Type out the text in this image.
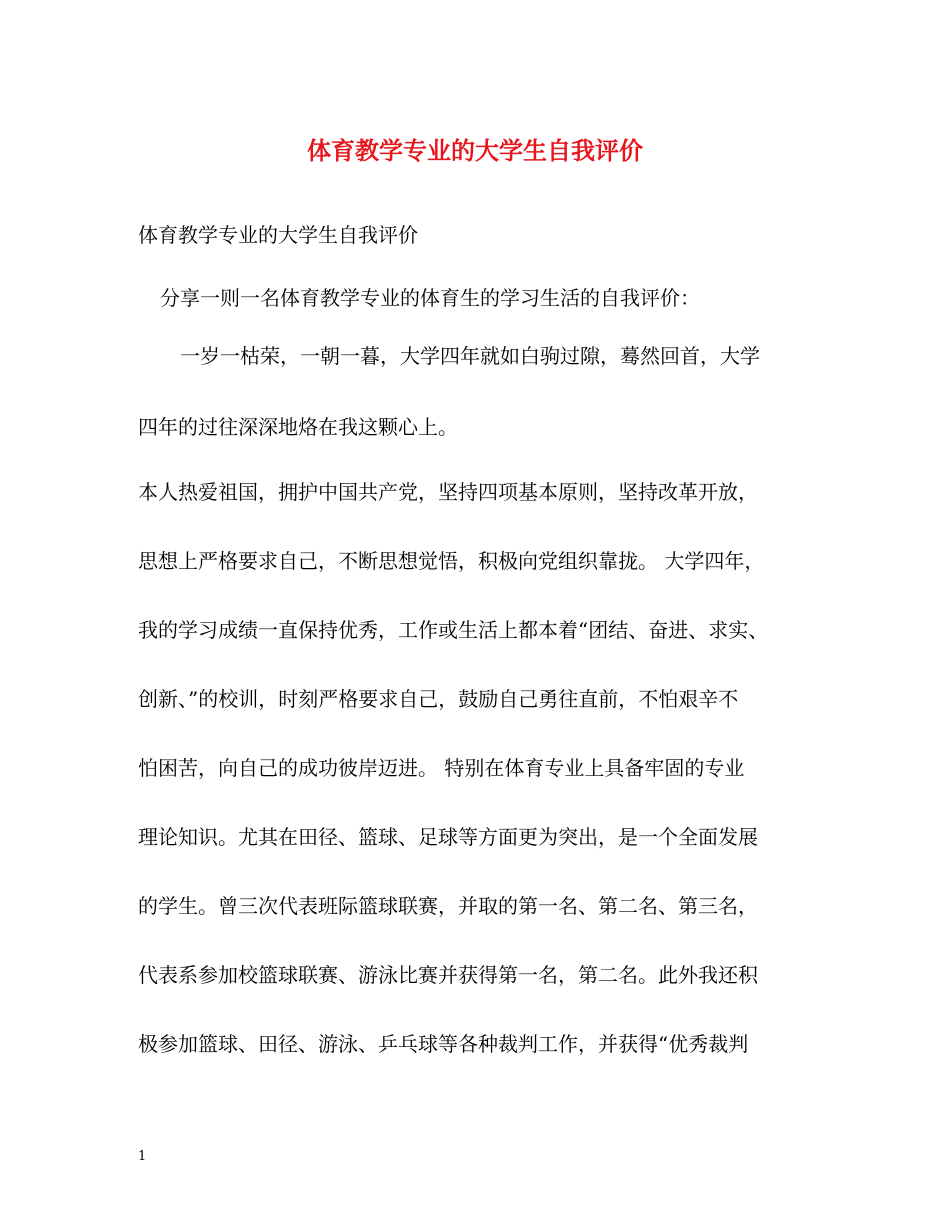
体育教学专业的大学生自我评价

体育教学专业的大学生自我评价

分享一则一名体育教学专业的体育生的学习生活的自我评价：

一岁一枯荣，一朝一暮，大学四年就如白驹过隙，蓦然回首，大学

四年的过往深深地烙在我这颗心上。

本人热爱祖国，拥护中国共产党，坚持四项基本原则，坚持改革开放，

思想上严格要求自己，不断思想觉悟，积极向党组织靠拢。 大学四年，

我的学习成绩一直保持优秀，工作或生活上都本着“团结、奋进、求实、

创新、”的校训，时刻严格要求自己，鼓励自己勇往直前，不怕艰辛不

怕困苦，向自己的成功彼岸迈进。 特别在体育专业上具备牢固的专业

理论知识。尤其在田径、篮球、足球等方面更为突出，是一个全面发展

的学生。曾三次代表班际篮球联赛，并取的第一名、第二名、第三名，

代表系参加校篮球联赛、游泳比赛并获得第一名，第二名。此外我还积

极参加篮球、田径、游泳、乒乓球等各种裁判工作，并获得“优秀裁判

1
